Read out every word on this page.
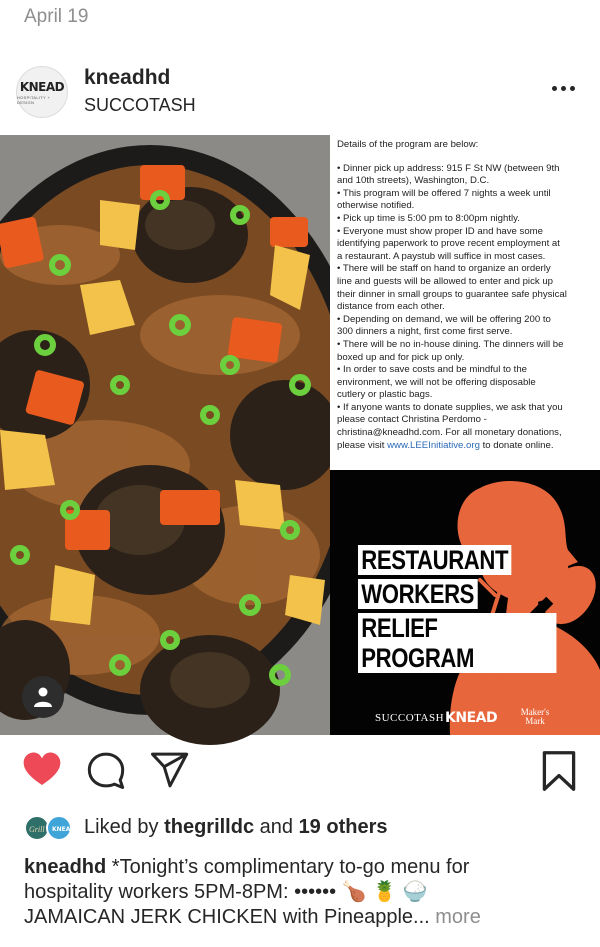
April 19
KNEAD
HOSPITALITY + DESIGN
kneadhd
SUCCOTASH
Details of the program are below:
• Dinner pick up address: 915 F St NW (between 9th
and 10th streets), Washington, D.C.
• This program will be offered 7 nights a week until
otherwise notified.
• Pick up time is 5:00 pm to 8:00pm nightly.
• Everyone must show proper ID and have some
identifying paperwork to prove recent employment at
a restaurant. A paystub will suffice in most cases.
• There will be staff on hand to organize an orderly
line and guests will be allowed to enter and pick up
their dinner in small groups to guarantee safe physical
distance from each other.
• Depending on demand, we will be offering 200 to
300 dinners a night, first come first serve.
• There will be no in-house dining. The dinners will be
boxed up and for pick up only.
• In order to save costs and be mindful to the
environment, we will not be offering disposable
cutlery or plastic bags.
• If anyone wants to donate supplies, we ask that you
please contact Christina Perdomo -
christina@kneadhd.com. For all monetary donations,
please visit www.LEEInitiative.org to donate online.
RESTAURANT
WORKERS
RELIEF PROGRAM
SUCCOTASH KNEAD	Maker's
Mark
Grill KNEAD Liked by thegrilldc and 19 others
kneadhd *Tonight’s complimentary to-go menu for
hospitality workers 5PM-8PM: •••••• 🍗 🍍 🍚
JAMAICAN JERK CHICKEN with Pineapple... more
